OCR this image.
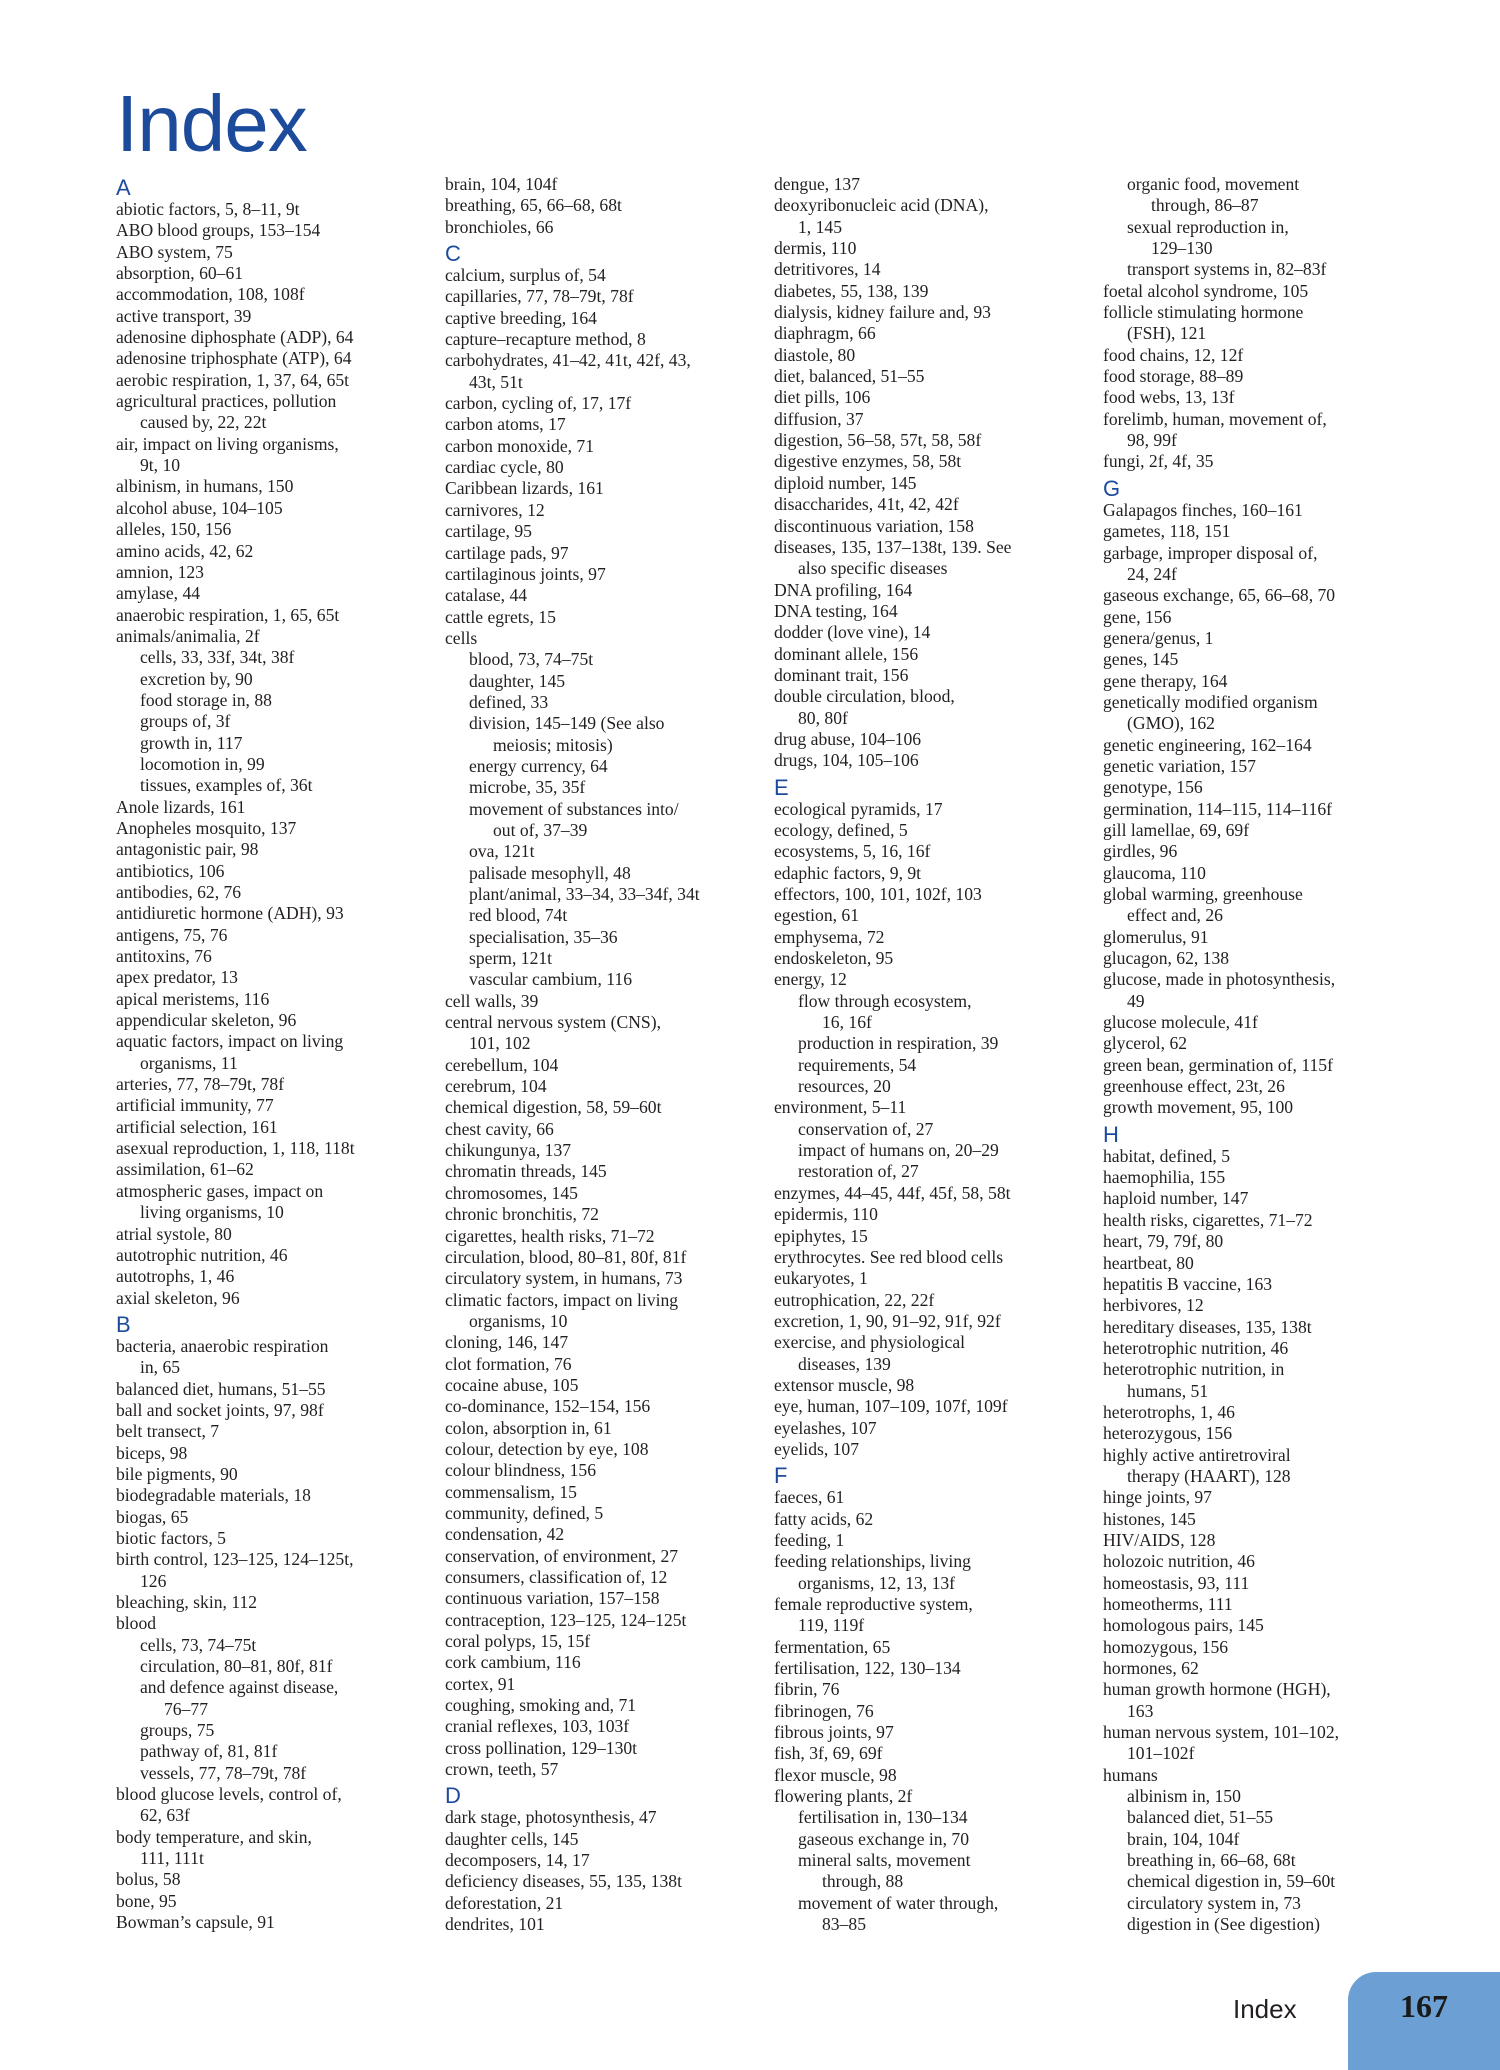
Index
A
abiotic factors, 5, 8–11, 9t
ABO blood groups, 153–154
ABO system, 75
absorption, 60–61
accommodation, 108, 108f
active transport, 39
adenosine diphosphate (ADP), 64
adenosine triphosphate (ATP), 64
aerobic respiration, 1, 37, 64, 65t
agricultural practices, pollution
caused by, 22, 22t
air, impact on living organisms,
9t, 10
albinism, in humans, 150
alcohol abuse, 104–105
alleles, 150, 156
amino acids, 42, 62
amnion, 123
amylase, 44
anaerobic respiration, 1, 65, 65t
animals/animalia, 2f
cells, 33, 33f, 34t, 38f
excretion by, 90
food storage in, 88
groups of, 3f
growth in, 117
locomotion in, 99
tissues, examples of, 36t
Anole lizards, 161
Anopheles mosquito, 137
antagonistic pair, 98
antibiotics, 106
antibodies, 62, 76
antidiuretic hormone (ADH), 93
antigens, 75, 76
antitoxins, 76
apex predator, 13
apical meristems, 116
appendicular skeleton, 96
aquatic factors, impact on living
organisms, 11
arteries, 77, 78–79t, 78f
artificial immunity, 77
artificial selection, 161
asexual reproduction, 1, 118, 118t
assimilation, 61–62
atmospheric gases, impact on
living organisms, 10
atrial systole, 80
autotrophic nutrition, 46
autotrophs, 1, 46
axial skeleton, 96
B
bacteria, anaerobic respiration
in, 65
balanced diet, humans, 51–55
ball and socket joints, 97, 98f
belt transect, 7
biceps, 98
bile pigments, 90
biodegradable materials, 18
biogas, 65
biotic factors, 5
birth control, 123–125, 124–125t,
126
bleaching, skin, 112
blood
cells, 73, 74–75t
circulation, 80–81, 80f, 81f
and defence against disease,
76–77
groups, 75
pathway of, 81, 81f
vessels, 77, 78–79t, 78f
blood glucose levels, control of,
62, 63f
body temperature, and skin,
111, 111t
bolus, 58
bone, 95
Bowman’s capsule, 91
brain, 104, 104f
breathing, 65, 66–68, 68t
bronchioles, 66
C
calcium, surplus of, 54
capillaries, 77, 78–79t, 78f
captive breeding, 164
capture–recapture method, 8
carbohydrates, 41–42, 41t, 42f, 43,
43t, 51t
carbon, cycling of, 17, 17f
carbon atoms, 17
carbon monoxide, 71
cardiac cycle, 80
Caribbean lizards, 161
carnivores, 12
cartilage, 95
cartilage pads, 97
cartilaginous joints, 97
catalase, 44
cattle egrets, 15
cells
blood, 73, 74–75t
daughter, 145
defined, 33
division, 145–149 (See also
meiosis; mitosis)
energy currency, 64
microbe, 35, 35f
movement of substances into/
out of, 37–39
ova, 121t
palisade mesophyll, 48
plant/animal, 33–34, 33–34f, 34t
red blood, 74t
specialisation, 35–36
sperm, 121t
vascular cambium, 116
cell walls, 39
central nervous system (CNS),
101, 102
cerebellum, 104
cerebrum, 104
chemical digestion, 58, 59–60t
chest cavity, 66
chikungunya, 137
chromatin threads, 145
chromosomes, 145
chronic bronchitis, 72
cigarettes, health risks, 71–72
circulation, blood, 80–81, 80f, 81f
circulatory system, in humans, 73
climatic factors, impact on living
organisms, 10
cloning, 146, 147
clot formation, 76
cocaine abuse, 105
co-dominance, 152–154, 156
colon, absorption in, 61
colour, detection by eye, 108
colour blindness, 156
commensalism, 15
community, defined, 5
condensation, 42
conservation, of environment, 27
consumers, classification of, 12
continuous variation, 157–158
contraception, 123–125, 124–125t
coral polyps, 15, 15f
cork cambium, 116
cortex, 91
coughing, smoking and, 71
cranial reflexes, 103, 103f
cross pollination, 129–130t
crown, teeth, 57
D
dark stage, photosynthesis, 47
daughter cells, 145
decomposers, 14, 17
deficiency diseases, 55, 135, 138t
deforestation, 21
dendrites, 101
dengue, 137
deoxyribonucleic acid (DNA),
1, 145
dermis, 110
detritivores, 14
diabetes, 55, 138, 139
dialysis, kidney failure and, 93
diaphragm, 66
diastole, 80
diet, balanced, 51–55
diet pills, 106
diffusion, 37
digestion, 56–58, 57t, 58, 58f
digestive enzymes, 58, 58t
diploid number, 145
disaccharides, 41t, 42, 42f
discontinuous variation, 158
diseases, 135, 137–138t, 139. See
also specific diseases
DNA profiling, 164
DNA testing, 164
dodder (love vine), 14
dominant allele, 156
dominant trait, 156
double circulation, blood,
80, 80f
drug abuse, 104–106
drugs, 104, 105–106
E
ecological pyramids, 17
ecology, defined, 5
ecosystems, 5, 16, 16f
edaphic factors, 9, 9t
effectors, 100, 101, 102f, 103
egestion, 61
emphysema, 72
endoskeleton, 95
energy, 12
flow through ecosystem,
16, 16f
production in respiration, 39
requirements, 54
resources, 20
environment, 5–11
conservation of, 27
impact of humans on, 20–29
restoration of, 27
enzymes, 44–45, 44f, 45f, 58, 58t
epidermis, 110
epiphytes, 15
erythrocytes. See red blood cells
eukaryotes, 1
eutrophication, 22, 22f
excretion, 1, 90, 91–92, 91f, 92f
exercise, and physiological
diseases, 139
extensor muscle, 98
eye, human, 107–109, 107f, 109f
eyelashes, 107
eyelids, 107
F
faeces, 61
fatty acids, 62
feeding, 1
feeding relationships, living
organisms, 12, 13, 13f
female reproductive system,
119, 119f
fermentation, 65
fertilisation, 122, 130–134
fibrin, 76
fibrinogen, 76
fibrous joints, 97
fish, 3f, 69, 69f
flexor muscle, 98
flowering plants, 2f
fertilisation in, 130–134
gaseous exchange in, 70
mineral salts, movement
through, 88
movement of water through,
83–85
organic food, movement
through, 86–87
sexual reproduction in,
129–130
transport systems in, 82–83f
foetal alcohol syndrome, 105
follicle stimulating hormone
(FSH), 121
food chains, 12, 12f
food storage, 88–89
food webs, 13, 13f
forelimb, human, movement of,
98, 99f
fungi, 2f, 4f, 35
G
Galapagos finches, 160–161
gametes, 118, 151
garbage, improper disposal of,
24, 24f
gaseous exchange, 65, 66–68, 70
gene, 156
genera/genus, 1
genes, 145
gene therapy, 164
genetically modified organism
(GMO), 162
genetic engineering, 162–164
genetic variation, 157
genotype, 156
germination, 114–115, 114–116f
gill lamellae, 69, 69f
girdles, 96
glaucoma, 110
global warming, greenhouse
effect and, 26
glomerulus, 91
glucagon, 62, 138
glucose, made in photosynthesis,
49
glucose molecule, 41f
glycerol, 62
green bean, germination of, 115f
greenhouse effect, 23t, 26
growth movement, 95, 100
H
habitat, defined, 5
haemophilia, 155
haploid number, 147
health risks, cigarettes, 71–72
heart, 79, 79f, 80
heartbeat, 80
hepatitis B vaccine, 163
herbivores, 12
hereditary diseases, 135, 138t
heterotrophic nutrition, 46
heterotrophic nutrition, in
humans, 51
heterotrophs, 1, 46
heterozygous, 156
highly active antiretroviral
therapy (HAART), 128
hinge joints, 97
histones, 145
HIV/AIDS, 128
holozoic nutrition, 46
homeostasis, 93, 111
homeotherms, 111
homologous pairs, 145
homozygous, 156
hormones, 62
human growth hormone (HGH),
163
human nervous system, 101–102,
101–102f
humans
albinism in, 150
balanced diet, 51–55
brain, 104, 104f
breathing in, 66–68, 68t
chemical digestion in, 59–60t
circulatory system in, 73
digestion in (See digestion)
Index	167
